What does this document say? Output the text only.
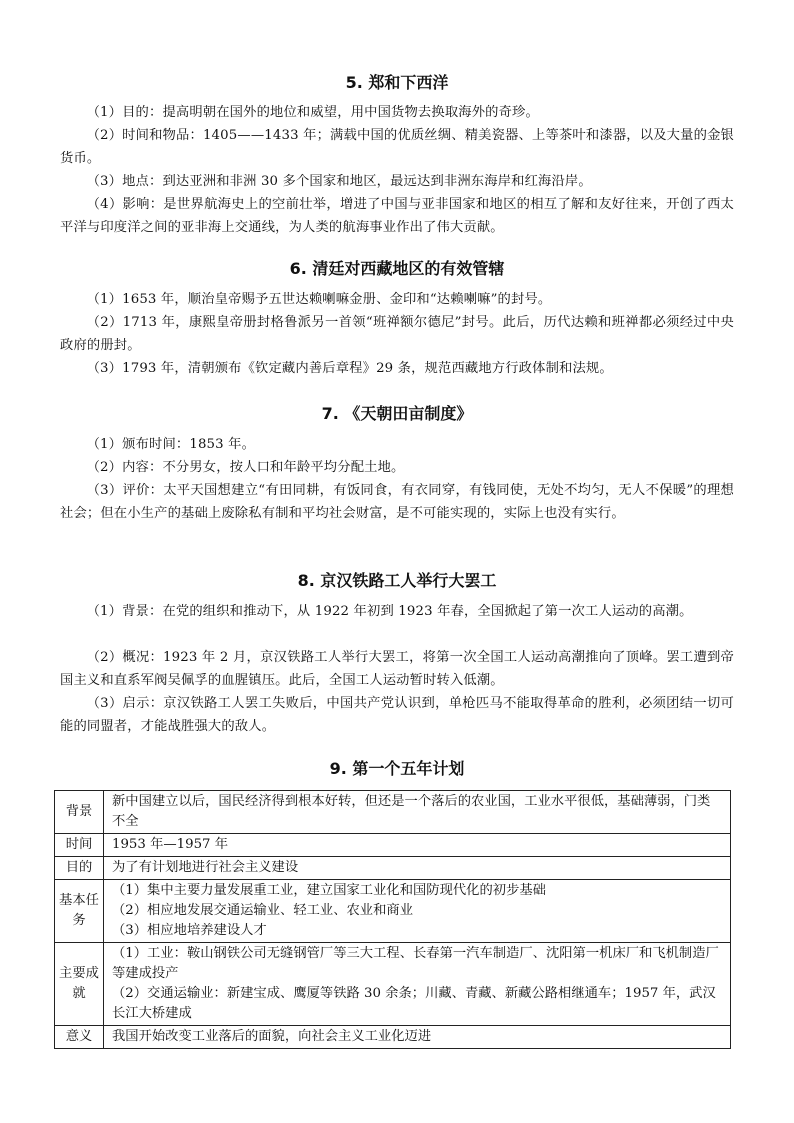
5. 郑和下西洋

（1）目的：提高明朝在国外的地位和威望，用中国货物去换取海外的奇珍。

（2）时间和物品：1405——1433 年；满载中国的优质丝绸、精美瓷器、上等茶叶和漆器，以及大量的金银货币。

（3）地点：到达亚洲和非洲 30 多个国家和地区，最远达到非洲东海岸和红海沿岸。

（4）影响：是世界航海史上的空前壮举，增进了中国与亚非国家和地区的相互了解和友好往来，开创了西太平洋与印度洋之间的亚非海上交通线，为人类的航海事业作出了伟大贡献。

6. 清廷对西藏地区的有效管辖

（1）1653 年，顺治皇帝赐予五世达赖喇嘛金册、金印和“达赖喇嘛”的封号。

（2）1713 年，康熙皇帝册封格鲁派另一首领“班禅额尔德尼”封号。此后，历代达赖和班禅都必须经过中央政府的册封。

（3）1793 年，清朝颁布《钦定藏内善后章程》29 条，规范西藏地方行政体制和法规。

7. 《天朝田亩制度》

（1）颁布时间：1853 年。

（2）内容：不分男女，按人口和年龄平均分配土地。

（3）评价：太平天国想建立“有田同耕，有饭同食，有衣同穿，有钱同使，无处不均匀，无人不保暖”的理想社会；但在小生产的基础上废除私有制和平均社会财富，是不可能实现的，实际上也没有实行。

8. 京汉铁路工人举行大罢工

（1）背景：在党的组织和推动下，从 1922 年初到 1923 年春，全国掀起了第一次工人运动的高潮。

（2）概况：1923 年 2 月，京汉铁路工人举行大罢工，将第一次全国工人运动高潮推向了顶峰。罢工遭到帝国主义和直系军阀吴佩孚的血腥镇压。此后，全国工人运动暂时转入低潮。

（3）启示：京汉铁路工人罢工失败后，中国共产党认识到，单枪匹马不能取得革命的胜利，必须团结一切可能的同盟者，才能战胜强大的敌人。

9. 第一个五年计划
背景	新中国建立以后，国民经济得到根本好转，但还是一个落后的农业国，工业水平很低，基础薄弱，门类不全

时间	1953 年—1957 年

目的	为了有计划地进行社会主义建设

基本任务	（1）集中主要力量发展重工业，建立国家工业化和国防现代化的初步基础
（2）相应地发展交通运输业、轻工业、农业和商业
（3）相应地培养建设人才

主要成就	（1）工业：鞍山钢铁公司无缝钢管厂等三大工程、长春第一汽车制造厂、沈阳第一机床厂和飞机制造厂等建成投产
（2）交通运输业：新建宝成、鹰厦等铁路 30 余条；川藏、青藏、新藏公路相继通车；1957 年，武汉长江大桥建成

意义	我国开始改变工业落后的面貌，向社会主义工业化迈进
